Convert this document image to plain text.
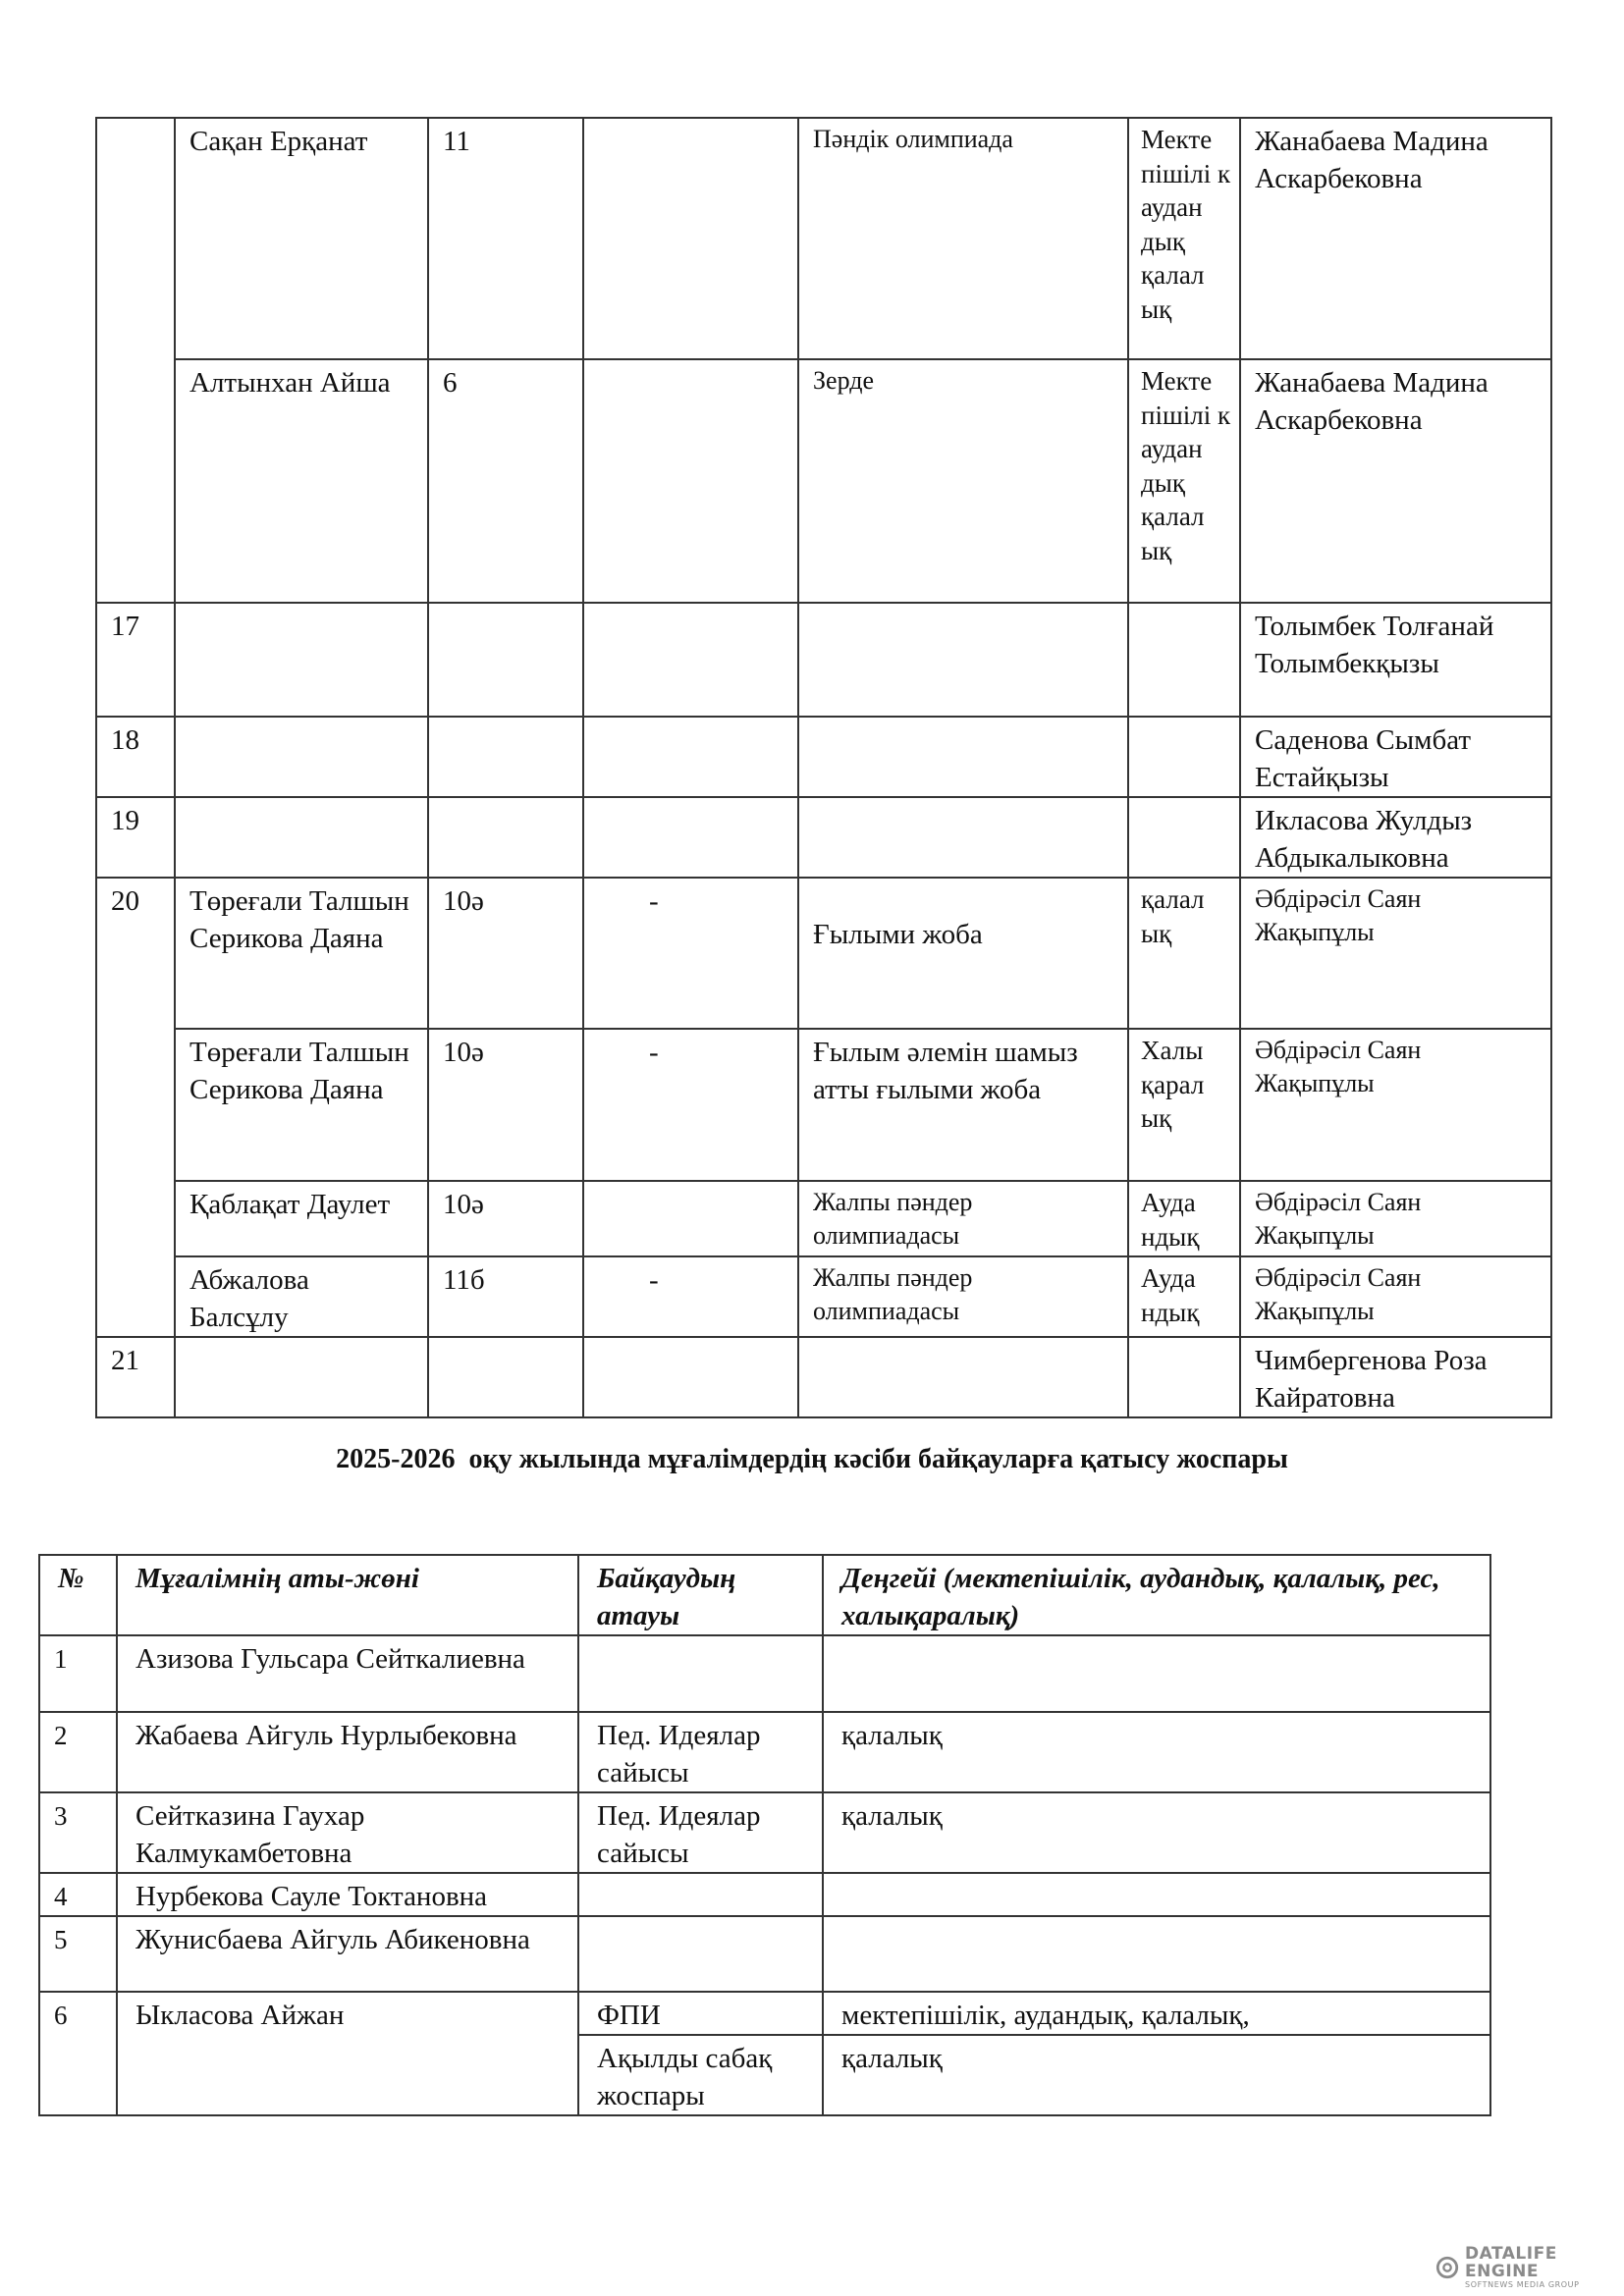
	Сақан Ерқанат	11		Пәндік олимпиада	Мекте пішілі к аудан дық қалал ық	Жанабаева Мадина Аскарбековна
	Алтынхан Айша	6		Зерде	Мекте пішілі к аудан дық қалал ық	Жанабаева Мадина Аскарбековна
17						Толымбек Толғанай Толымбекқызы
18						Саденова Сымбат Естайқызы
19						Икласова Жулдыз Абдыкалыковна
20	Төреғали Талшын Серикова Даяна	10ә	-	Ғылыми жоба	қалал ық	Әбдірәсіл Саян Жақыпұлы
	Төреғали Талшын Серикова Даяна	10ә	-	Ғылым әлемін шамыз атты ғылыми жоба	Халы қарал ық	Әбдірәсіл Саян Жақыпұлы
	Қаблақат Даулет	10ә		Жалпы пәндер олимпиадасы	Ауда ндық	Әбдірәсіл Саян Жақыпұлы
	Абжалова Балсұлу	11б	-	Жалпы пәндер олимпиадасы	Ауда ндық	Әбдірәсіл Саян Жақыпұлы
21						Чимбергенова Роза Кайратовна
2025-2026  оқу жылында мұғалімдердің кәсіби байқауларға қатысу жоспары
№	Мұғалімнің аты-жөні	Байқаудың атауы	Деңгейі (мектепішілік, аудандық, қалалық, рес, халықаралық)
1	Азизова Гульсара Сейткалиевна		
2	Жабаева Айгуль Нурлыбековна	Пед. Идеялар сайысы	қалалық
3	Сейтказина Гаухар Калмукамбетовна	Пед. Идеялар сайысы	қалалық
4	Нурбекова Сауле Токтановна		
5	Жунисбаева Айгуль Абикеновна		
6	Ыкласова Айжан	ФПИ	мектепішілік, аудандық, қалалық,
		Ақылды сабақ жоспары	қалалық
DATALIFE ENGINE
SOFTNEWS MEDIA GROUP
